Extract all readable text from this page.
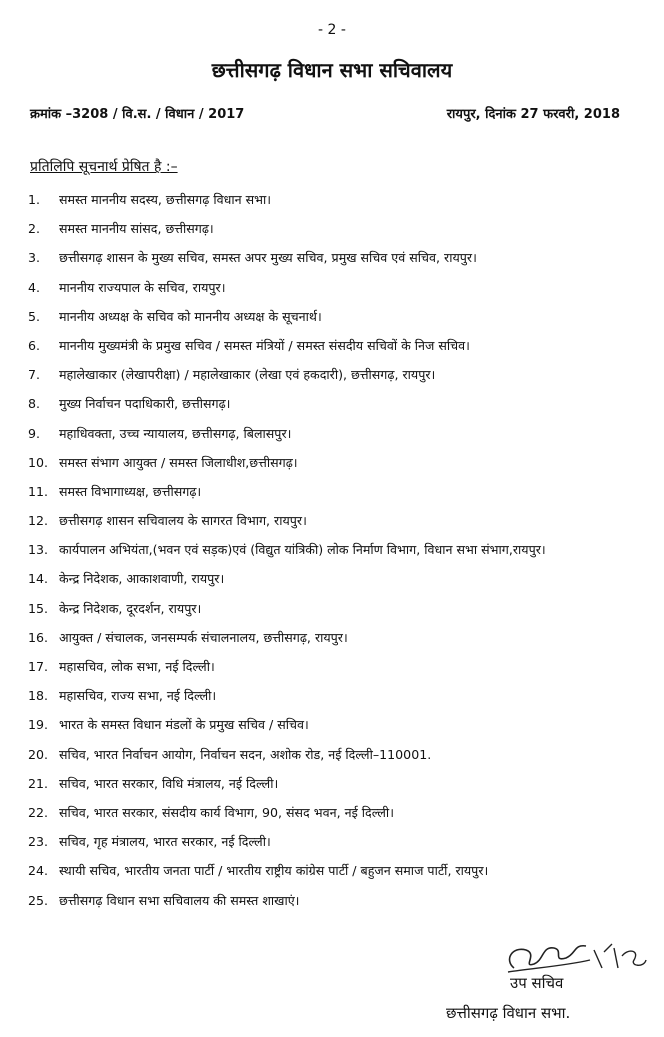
- 2 -
छत्तीसगढ़ विधान सभा सचिवालय
क्रमांक –3208 / वि.स. / विधान / 2017	रायपुर, दिनांक 27 फरवरी, 2018
प्रतिलिपि सूचनार्थ प्रेषित है :–
1.	समस्त माननीय सदस्य, छत्तीसगढ़ विधान सभा।
2.	समस्त माननीय सांसद, छत्तीसगढ़।
3.	छत्तीसगढ़ शासन के मुख्य सचिव, समस्त अपर मुख्य सचिव, प्रमुख सचिव एवं सचिव, रायपुर।
4.	माननीय राज्यपाल के सचिव, रायपुर।
5.	माननीय अध्यक्ष के सचिव को माननीय अध्यक्ष के सूचनार्थ।
6.	माननीय मुख्यमंत्री के प्रमुख सचिव / समस्त मंत्रियों / समस्त संसदीय सचिवों के निज सचिव।
7.	महालेखाकार (लेखापरीक्षा) / महालेखाकार (लेखा एवं हकदारी), छत्तीसगढ़, रायपुर।
8.	मुख्य निर्वाचन पदाधिकारी, छत्तीसगढ़।
9.	महाधिवक्ता, उच्च न्यायालय, छत्तीसगढ़, बिलासपुर।
10. समस्त संभाग आयुक्त / समस्त जिलाधीश,छत्तीसगढ़।
11. समस्त विभागाध्यक्ष, छत्तीसगढ़।
12. छत्तीसगढ़ शासन सचिवालय के सागरत विभाग, रायपुर।
13. कार्यपालन अभियंता,(भवन एवं सड़क)एवं (विद्युत यांत्रिकी) लोक निर्माण विभाग, विधान सभा संभाग,रायपुर।
14. केन्द्र निदेशक, आकाशवाणी, रायपुर।
15. केन्द्र निदेशक, दूरदर्शन, रायपुर।
16. आयुक्त / संचालक, जनसम्पर्क संचालनालय, छत्तीसगढ़, रायपुर।
17. महासचिव, लोक सभा, नई दिल्ली।
18. महासचिव, राज्य सभा, नई दिल्ली।
19. भारत के समस्त विधान मंडलों के प्रमुख सचिव / सचिव।
20. सचिव, भारत निर्वाचन आयोग, निर्वाचन सदन, अशोक रोड, नई दिल्ली–110001.
21. सचिव, भारत सरकार, विधि मंत्रालय, नई दिल्ली।
22. सचिव, भारत सरकार, संसदीय कार्य विभाग, 90, संसद भवन, नई दिल्ली।
23. सचिव, गृह मंत्रालय, भारत सरकार, नई दिल्ली।
24. स्थायी सचिव, भारतीय जनता पार्टी / भारतीय राष्ट्रीय कांग्रेस पार्टी / बहुजन समाज पार्टी, रायपुर।
25. छत्तीसगढ़ विधान सभा सचिवालय की समस्त शाखाएं।
उप सचिव
छत्तीसगढ़ विधान सभा.
